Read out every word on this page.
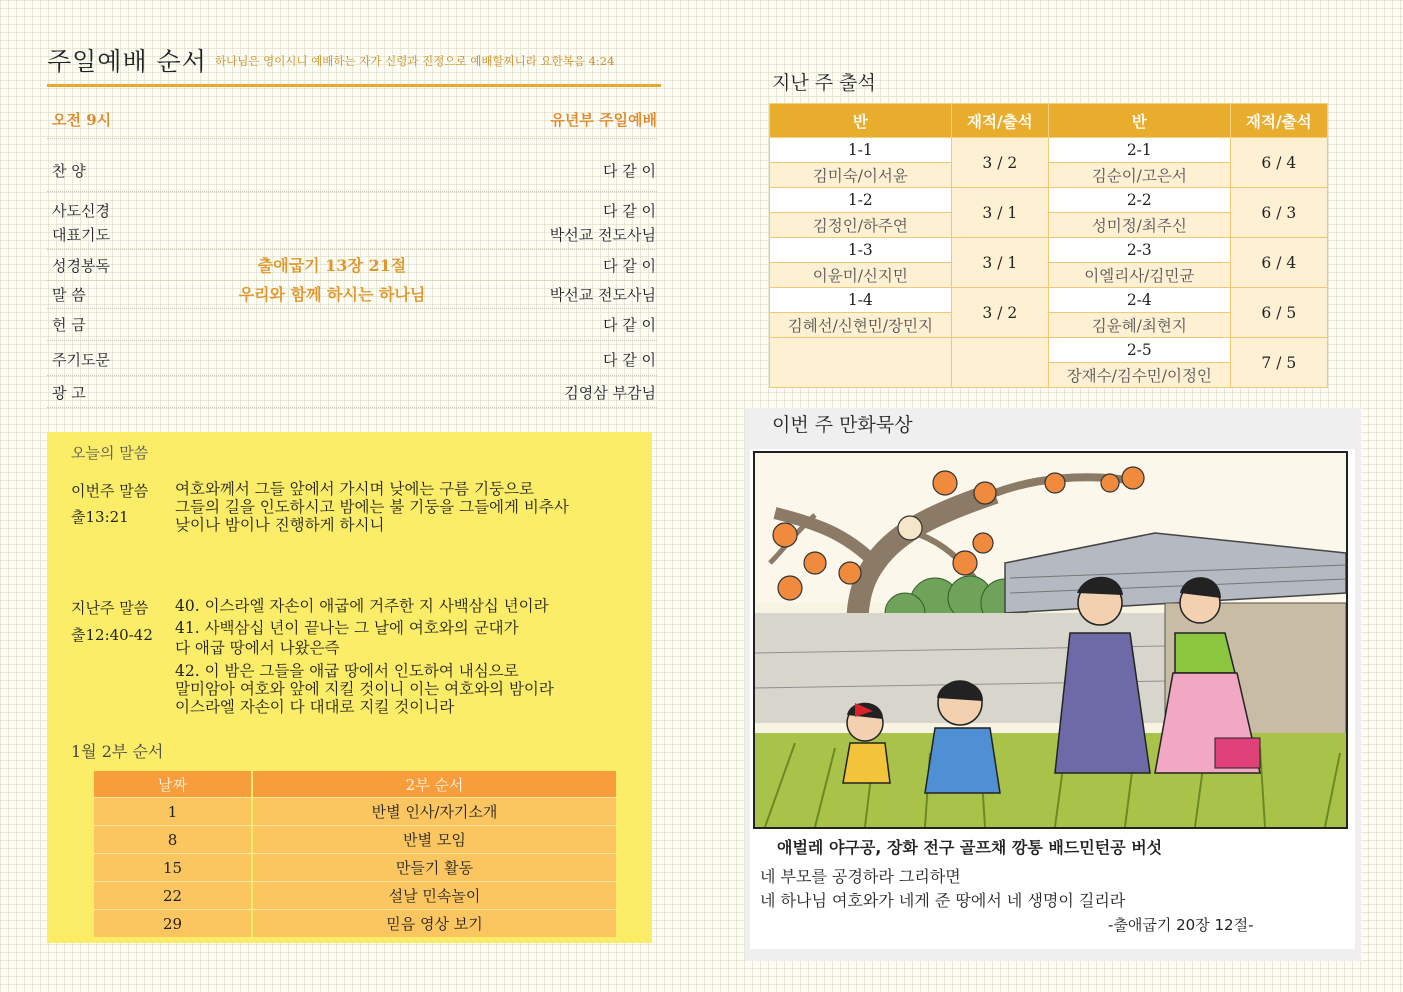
주일예배 순서 하나님은 영이시니 예배하는 자가 신령과 진정으로 예배할찌니라 요한복음 4:24
오전 9시	유년부 주일예배
찬 양	다 같 이
사도신경	다 같 이
대표기도	박선교 전도사님
성경봉독	출애굽기 13장 21절	다 같 이
말 씀	우리와 함께 하시는 하나님	박선교 전도사님
헌 금	다 같 이
주기도문	다 같 이
광 고	김영삼 부감님
오늘의 말씀
이번주 말씀
출13:21
여호와께서 그들 앞에서 가시며 낮에는 구름 기둥으로
그들의 길을 인도하시고 밤에는 불 기둥을 그들에게 비추사
낮이나 밤이나 진행하게 하시니
지난주 말씀
출12:40-42
40. 이스라엘 자손이 애굽에 거주한 지 사백삼십 년이라
41. 사백삼십 년이 끝나는 그 날에 여호와의 군대가
다 애굽 땅에서 나왔은즉
42. 이 밤은 그들을 애굽 땅에서 인도하여 내심으로
말미암아 여호와 앞에 지킬 것이니 이는 여호와의 밤이라
이스라엘 자손이 다 대대로 지킬 것이니라
1월 2부 순서
날짜	2부 순서
1	반별 인사/자기소개
8	반별 모임
15	만들기 활동
22	설날 민속놀이
29	믿음 영상 보기
지난 주 출석
반	재적/출석	반	재적/출석
1-1	3 / 2	2-1	6 / 4
김미숙/이서윤		김순이/고은서	
1-2	3 / 1	2-2	6 / 3
김정인/하주연		성미정/최주신	
1-3	3 / 1	2-3	6 / 4
이윤미/신지민		이엘리사/김민균	
1-4	3 / 2	2-4	6 / 5
김혜선/신현민/장민지		김윤혜/최현지	
		2-5	7 / 5
		장재수/김수민/이정인	
이번 주 만화묵상
애벌레 야구공, 장화 전구 골프채 깡통 배드민턴공 버섯
네 부모를 공경하라 그리하면
네 하나님 여호와가 네게 준 땅에서 네 생명이 길리라
-출애굽기 20장 12절-
